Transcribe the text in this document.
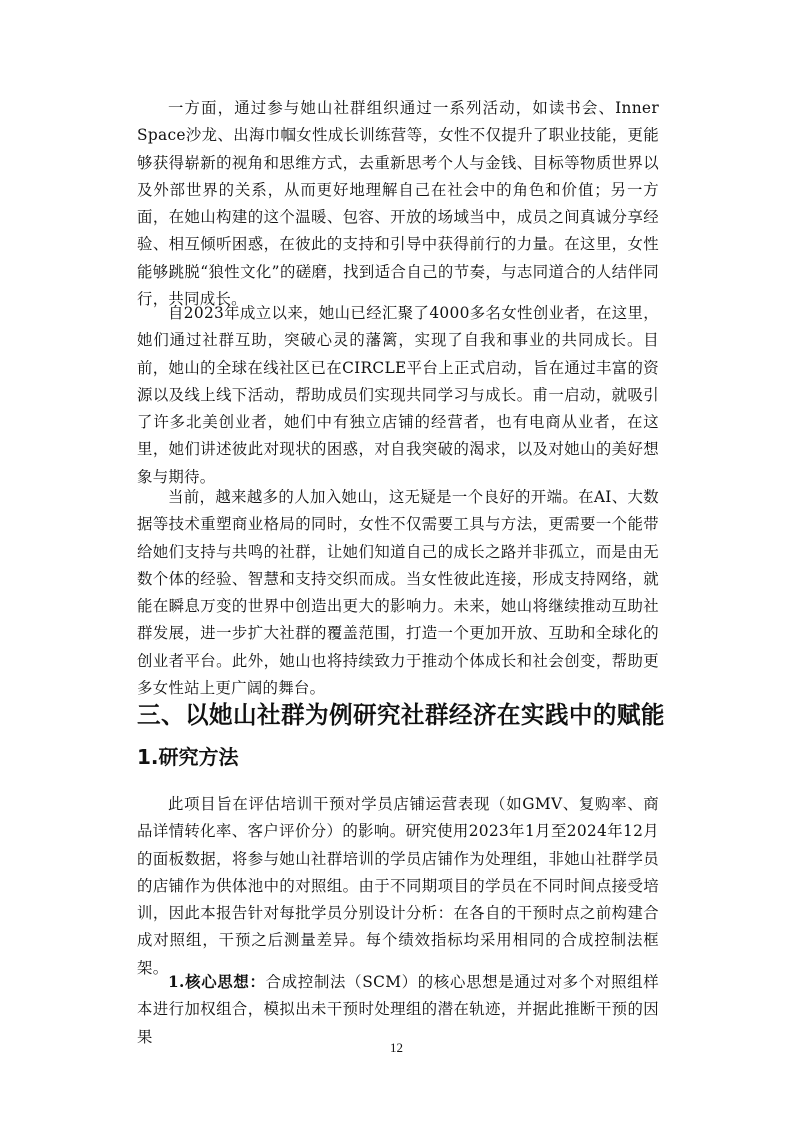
一方面，通过参与她山社群组织通过一系列活动，如读书会、Inner Space沙龙、出海巾帼女性成长训练营等，女性不仅提升了职业技能，更能够获得崭新的视角和思维方式，去重新思考个人与金钱、目标等物质世界以及外部世界的关系，从而更好地理解自己在社会中的角色和价值；另一方面，在她山构建的这个温暖、包容、开放的场域当中，成员之间真诚分享经验、相互倾听困惑，在彼此的支持和引导中获得前行的力量。在这里，女性能够跳脱“狼性文化”的磋磨，找到适合自己的节奏，与志同道合的人结伴同行，共同成长。

自2023年成立以来，她山已经汇聚了4000多名女性创业者，在这里，她们通过社群互助，突破心灵的藩篱，实现了自我和事业的共同成长。目前，她山的全球在线社区已在CIRCLE平台上正式启动，旨在通过丰富的资源以及线上线下活动，帮助成员们实现共同学习与成长。甫一启动，就吸引了许多北美创业者，她们中有独立店铺的经营者，也有电商从业者，在这里，她们讲述彼此对现状的困惑，对自我突破的渴求，以及对她山的美好想象与期待。

当前，越来越多的人加入她山，这无疑是一个良好的开端。在AI、大数据等技术重塑商业格局的同时，女性不仅需要工具与方法，更需要一个能带给她们支持与共鸣的社群，让她们知道自己的成长之路并非孤立，而是由无数个体的经验、智慧和支持交织而成。当女性彼此连接，形成支持网络，就能在瞬息万变的世界中创造出更大的影响力。未来，她山将继续推动互助社群发展，进一步扩大社群的覆盖范围，打造一个更加开放、互助和全球化的创业者平台。此外，她山也将持续致力于推动个体成长和社会创变，帮助更多女性站上更广阔的舞台。

三、以她山社群为例研究社群经济在实践中的赋能
1.研究方法

此项目旨在评估培训干预对学员店铺运营表现（如GMV、复购率、商品详情转化率、客户评价分）的影响。研究使用2023年1月至2024年12月的面板数据，将参与她山社群培训的学员店铺作为处理组，非她山社群学员的店铺作为供体池中的对照组。由于不同期项目的学员在不同时间点接受培训，因此本报告针对每批学员分别设计分析：在各自的干预时点之前构建合成对照组，干预之后测量差异。每个绩效指标均采用相同的合成控制法框架。

1.核心思想：合成控制法（SCM）的核心思想是通过对多个对照组样本进行加权组合，模拟出未干预时处理组的潜在轨迹，并据此推断干预的因果

12
